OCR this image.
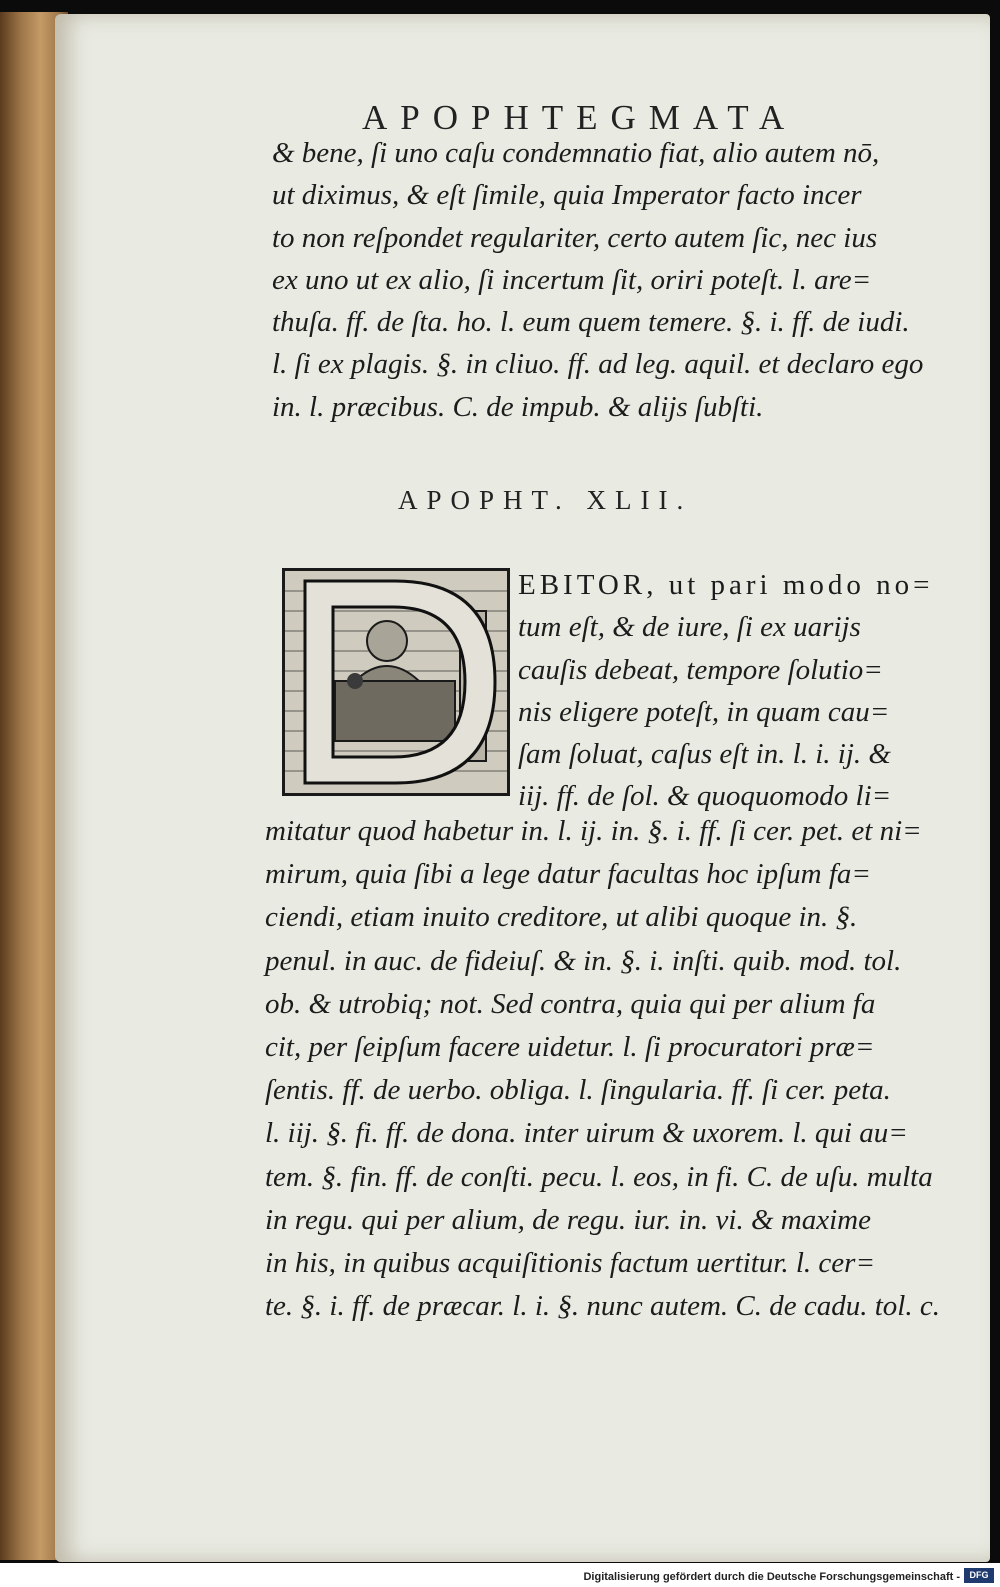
APOPHTEGMATA
& bene, ſi uno caſu condemnatio fiat, alio autem nō,
ut diximus, & eſt ſimile, quia Imperator facto incer
to non reſpondet regulariter, certo autem ſic, nec ius
ex uno ut ex alio, ſi incertum ſit, oriri poteſt. l. are=
thuſa. ff. de ſta. ho. l. eum quem temere. §. i. ff. de iudi.
l. ſi ex plagis. §. in cliuo. ff. ad leg. aquil. et declaro ego
in. l. præcibus. C. de impub. & alijs ſubſti.
APOPHT. XLII.
EBITOR, ut pari modo no=
tum eſt, & de iure, ſi ex uarijs
cauſis debeat, tempore ſolutio=
nis eligere poteſt, in quam cau=
ſam ſoluat, caſus eſt in. l. i. ij. &
iij. ff. de ſol. & quoquomodo li=
mitatur quod habetur in. l. ij. in. §. i. ff. ſi cer. pet. et ni=
mirum, quia ſibi a lege datur facultas hoc ipſum fa=
ciendi, etiam inuito creditore, ut alibi quoque in. §.
penul. in auc. de fideiuſ. & in. §. i. inſti. quib. mod. tol.
ob. & utrobiq; not. Sed contra, quia qui per alium fa
cit, per ſeipſum facere uidetur. l. ſi procuratori præ=
ſentis. ff. de uerbo. obliga. l. ſingularia. ff. ſi cer. peta.
l. iij. §. fi. ff. de dona. inter uirum & uxorem. l. qui au=
tem. §. fin. ff. de conſti. pecu. l. eos, in fi. C. de uſu. multa
in regu. qui per alium, de regu. iur. in. vi. & maxime
in his, in quibus acquiſitionis factum uertitur. l. cer=
te. §. i. ff. de præcar. l. i. §. nunc autem. C. de cadu. tol. c.
Digitalisierung gefördert durch die Deutsche Forschungsgemeinschaft -	DFG
